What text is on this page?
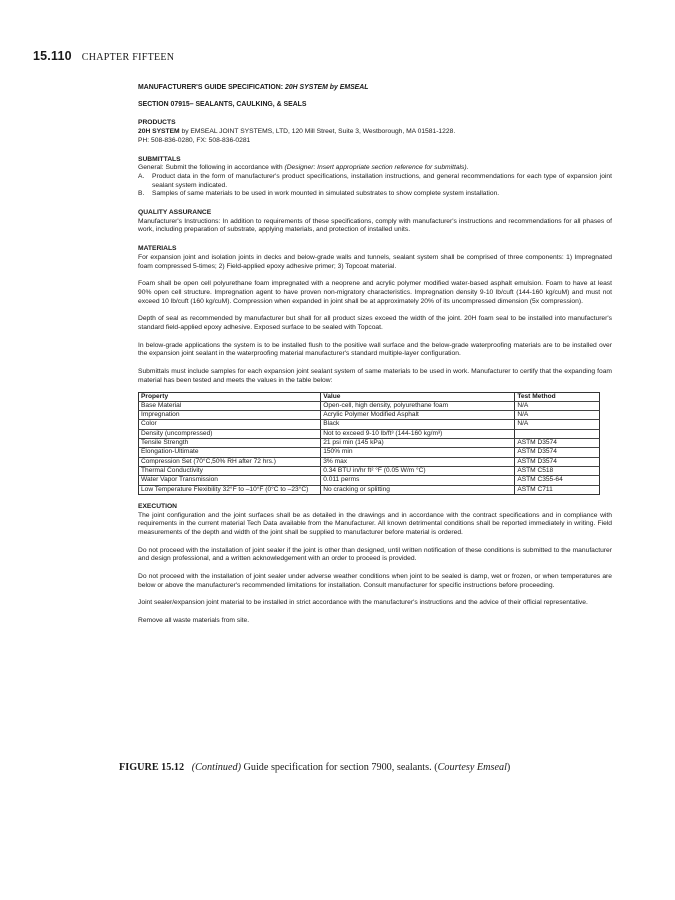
15.110 CHAPTER FIFTEEN

MANUFACTURER'S GUIDE SPECIFICATION: 20H SYSTEM by EMSEAL

SECTION 07915– SEALANTS, CAULKING, & SEALS

PRODUCTS

20H SYSTEM by EMSEAL JOINT SYSTEMS, LTD, 120 Mill Street, Suite 3, Westborough, MA 01581-1228.

PH: 508-836-0280, FX: 508-836-0281

SUBMITTALS

General: Submit the following in accordance with (Designer: Insert appropriate section reference for submittals).

A.	Product data in the form of manufacturer's product specifications, installation instructions, and general recommendations for each type of expansion joint sealant system indicated.
B.	Samples of same materials to be used in work mounted in simulated substrates to show complete system installation.

QUALITY ASSURANCE

Manufacturer's Instructions: In addition to requirements of these specifications, comply with manufacturer's instructions and recommendations for all phases of work, including preparation of substrate, applying materials, and protection of installed units.

MATERIALS

For expansion joint and isolation joints in decks and below-grade walls and tunnels, sealant system shall be comprised of three components: 1) Impregnated foam compressed 5-times; 2) Field-applied epoxy adhesive primer; 3) Topcoat material.

Foam shall be open cell polyurethane foam impregnated with a neoprene and acrylic polymer modified water-based asphalt emulsion. Foam to have at least 90% open cell structure. Impregnation agent to have proven non-migratory characteristics. Impregnation density 9-10 lb/cuft (144-160 kg/cuM) and must not exceed 10 lb/cuft (160 kg/cuM). Compression when expanded in joint shall be at approximately 20% of its uncompressed dimension (5x compression).

Depth of seal as recommended by manufacturer but shall for all product sizes exceed the width of the joint. 20H foam seal to be installed into manufacturer's standard field-applied epoxy adhesive. Exposed surface to be sealed with Topcoat.

In below-grade applications the system is to be installed flush to the positive wall surface and the below-grade waterproofing materials are to be installed over the expansion joint sealant in the waterproofing material manufacturer's standard multiple-layer configuration.

Submittals must include samples for each expansion joint sealant system of same materials to be used in work. Manufacturer to certify that the expanding foam material has been tested and meets the values in the table below:

Property	Value	Test Method
Base Material	Open-cell, high density, polyurethane foam	N/A
Impregnation	Acrylic Polymer Modified Asphalt	N/A
Color	Black	N/A
Density (uncompressed)	Not to exceed 9-10 lb/ft³ (144-160 kg/m³)	
Tensile Strength	21 psi min (145 kPa)	ASTM D3574
Elongation-Ultimate	150% min	ASTM D3574
Compression Set (70°C,50% RH after 72 hrs.)	3% max	ASTM D3574
Thermal Conductivity	0.34 BTU in/hr ft² °F (0.05 W/m °C)	ASTM C518
Water Vapor Transmission	0.011 perms	ASTM C355-64
Low Temperature Flexibility 32°F to –10°F (0°C to –23°C)	No cracking or splitting	ASTM C711

EXECUTION

The joint configuration and the joint surfaces shall be as detailed in the drawings and in accordance with the contract specifications and in compliance with requirements in the current material Tech Data available from the Manufacturer. All known detrimental conditions shall be reported immediately in writing. Field measurements of the depth and width of the joint shall be supplied to manufacturer before material is ordered.

Do not proceed with the installation of joint sealer if the joint is other than designed, until written notification of these conditions is submitted to the manufacturer and design professional, and a written acknowledgement with an order to proceed is provided.

Do not proceed with the installation of joint sealer under adverse weather conditions when joint to be sealed is damp, wet or frozen, or when temperatures are below or above the manufacturer's recommended limitations for installation. Consult manufacturer for specific instructions before proceeding.

Joint sealer/expansion joint material to be installed in strict accordance with the manufacturer's instructions and the advice of their official representative.

Remove all waste materials from site.

FIGURE 15.12 (Continued) Guide specification for section 7900, sealants. (Courtesy Emseal)
